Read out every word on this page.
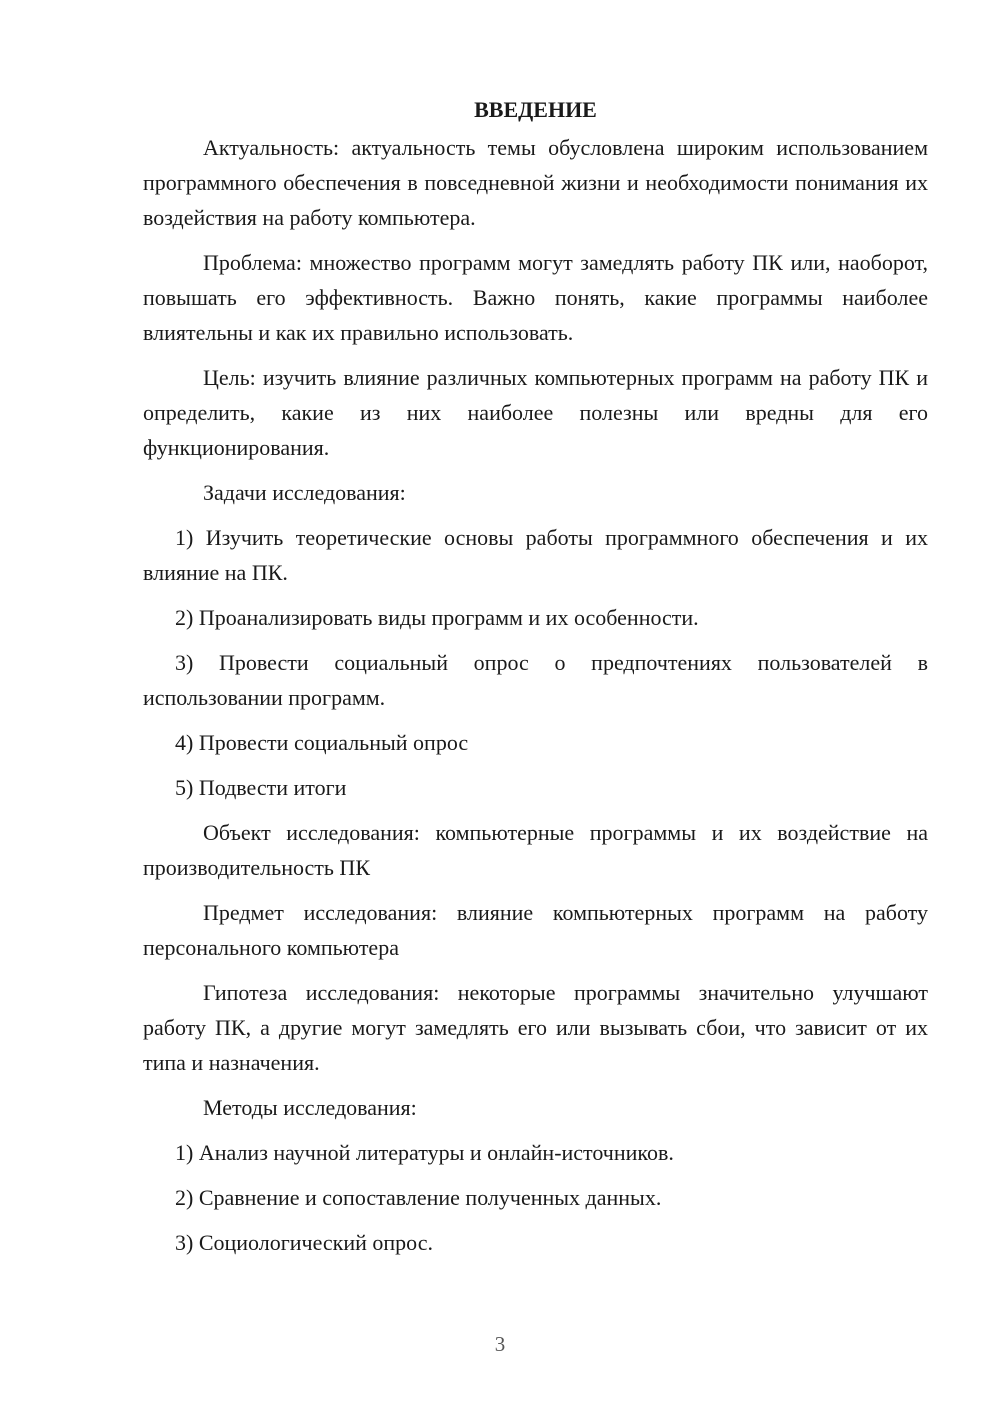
ВВЕДЕНИЕ

Актуальность: актуальность темы обусловлена широким использованием программного обеспечения в повседневной жизни и необходимости понимания их воздействия на работу компьютера.

Проблема: множество программ могут замедлять работу ПК или, наоборот, повышать его эффективность. Важно понять, какие программы наиболее влиятельны и как их правильно использовать.

Цель: изучить влияние различных компьютерных программ на работу ПК и определить, какие из них наиболее полезны или вредны для его функционирования.

Задачи исследования:

1) Изучить теоретические основы работы программного обеспечения и их влияние на ПК.

2) Проанализировать виды программ и их особенности.

3) Провести социальный опрос о предпочтениях пользователей в использовании программ.

4) Провести социальный опрос

5) Подвести итоги

Объект исследования: компьютерные программы и их воздействие на производительность ПК

Предмет исследования: влияние компьютерных программ на работу персонального компьютера

Гипотеза исследования: некоторые программы значительно улучшают работу ПК, а другие могут замедлять его или вызывать сбои, что зависит от их типа и назначения.

Методы исследования:

1) Анализ научной литературы и онлайн-источников.

2) Сравнение и сопоставление полученных данных.

3) Социологический опрос.

3
